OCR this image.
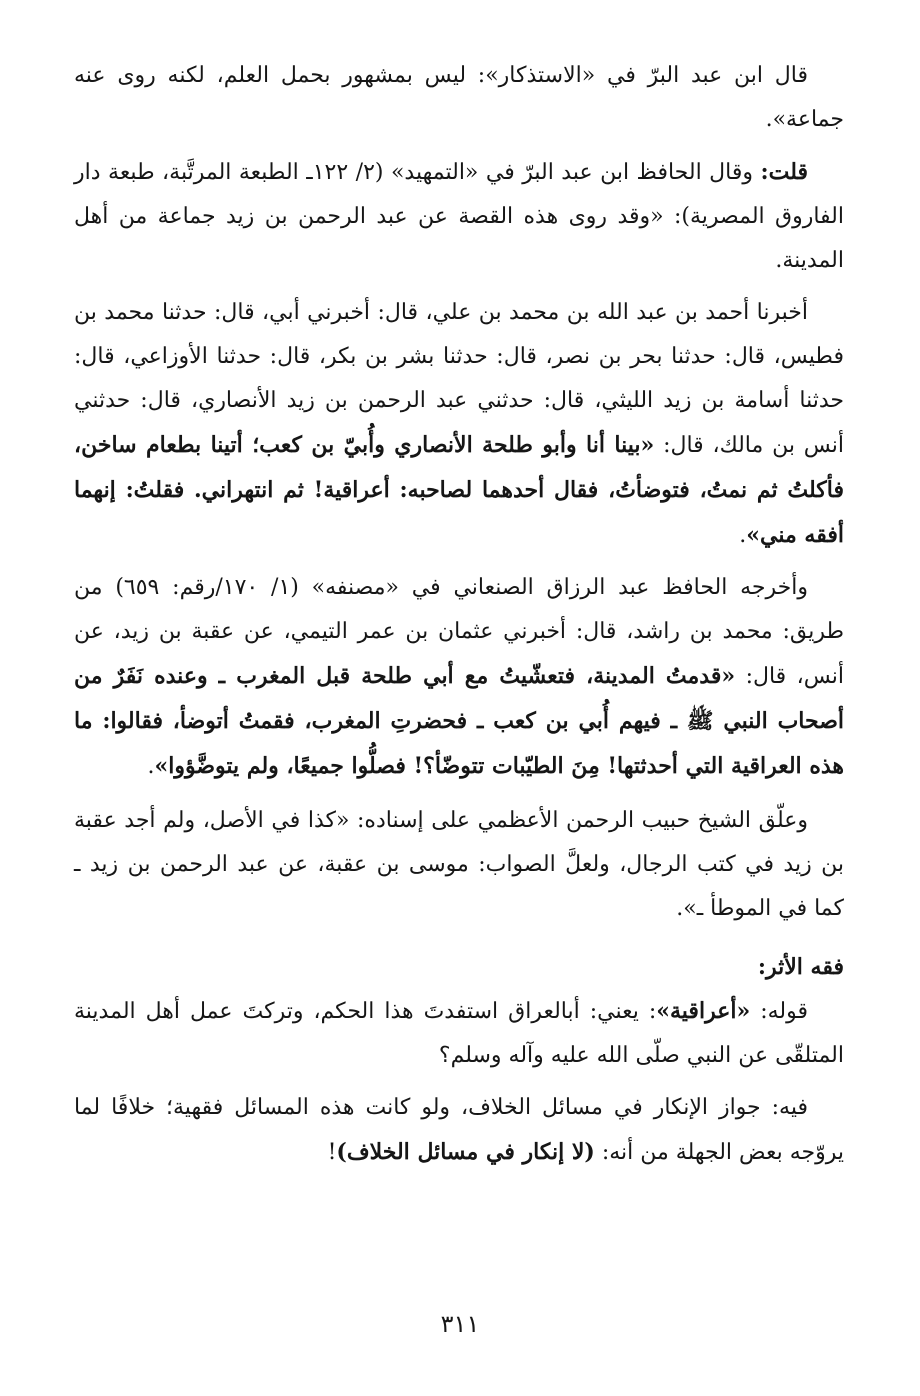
قال ابن عبد البرّ في «الاستذكار»: ليس بمشهور بحمل العلم، لكنه روى عنه جماعة».

قلت: وقال الحافظ ابن عبد البرّ في «التمهيد» (٢/ ١٢٢ـ الطبعة المرتَّبة، طبعة دار الفاروق المصرية): «وقد روى هذه القصة عن عبد الرحمن بن زيد جماعة من أهل المدينة.

أخبرنا أحمد بن عبد الله بن محمد بن علي، قال: أخبرني أبي، قال: حدثنا محمد بن فطيس، قال: حدثنا بحر بن نصر، قال: حدثنا بشر بن بكر، قال: حدثنا الأوزاعي، قال: حدثنا أسامة بن زيد الليثي، قال: حدثني عبد الرحمن بن زيد الأنصاري، قال: حدثني أنس بن مالك، قال: «بينا أنا وأبو طلحة الأنصاري وأُبيّ بن كعب؛ أتينا بطعام ساخن، فأكلتُ ثم نمتُ، فتوضأتُ، فقال أحدهما لصاحبه: أعراقية! ثم انتهراني. فقلتُ: إنهما أفقه مني».

وأخرجه الحافظ عبد الرزاق الصنعاني في «مصنفه» (١/ ١٧٠/رقم: ٦٥٩) من طريق: محمد بن راشد، قال: أخبرني عثمان بن عمر التيمي، عن عقبة بن زيد، عن أنس، قال: «قدمتُ المدينة، فتعشّيتُ مع أبي طلحة قبل المغرب ـ وعنده نَفَرٌ من أصحاب النبي ﷺ ـ فيهم أُبي بن كعب ـ فحضرتِ المغرب، فقمتُ أتوضأ، فقالوا: ما هذه العراقية التي أحدثتها! مِنَ الطيّبات تتوضّأ؟! فصلُّوا جميعًا، ولم يتوضَّؤوا».

وعلّق الشيخ حبيب الرحمن الأعظمي على إسناده: «كذا في الأصل، ولم أجد عقبة بن زيد في كتب الرجال، ولعلَّ الصواب: موسى بن عقبة، عن عبد الرحمن بن زيد ـ كما في الموطأ ـ».

فقه الأثر:

قوله: «أعراقية»: يعني: أبالعراق استفدتَ هذا الحكم، وتركتَ عمل أهل المدينة المتلقّى عن النبي صلّى الله عليه وآله وسلم؟

فيه: جواز الإنكار في مسائل الخلاف، ولو كانت هذه المسائل فقهية؛ خلافًا لما يروّجه بعض الجهلة من أنه: (لا إنكار في مسائل الخلاف)!

٣١١
